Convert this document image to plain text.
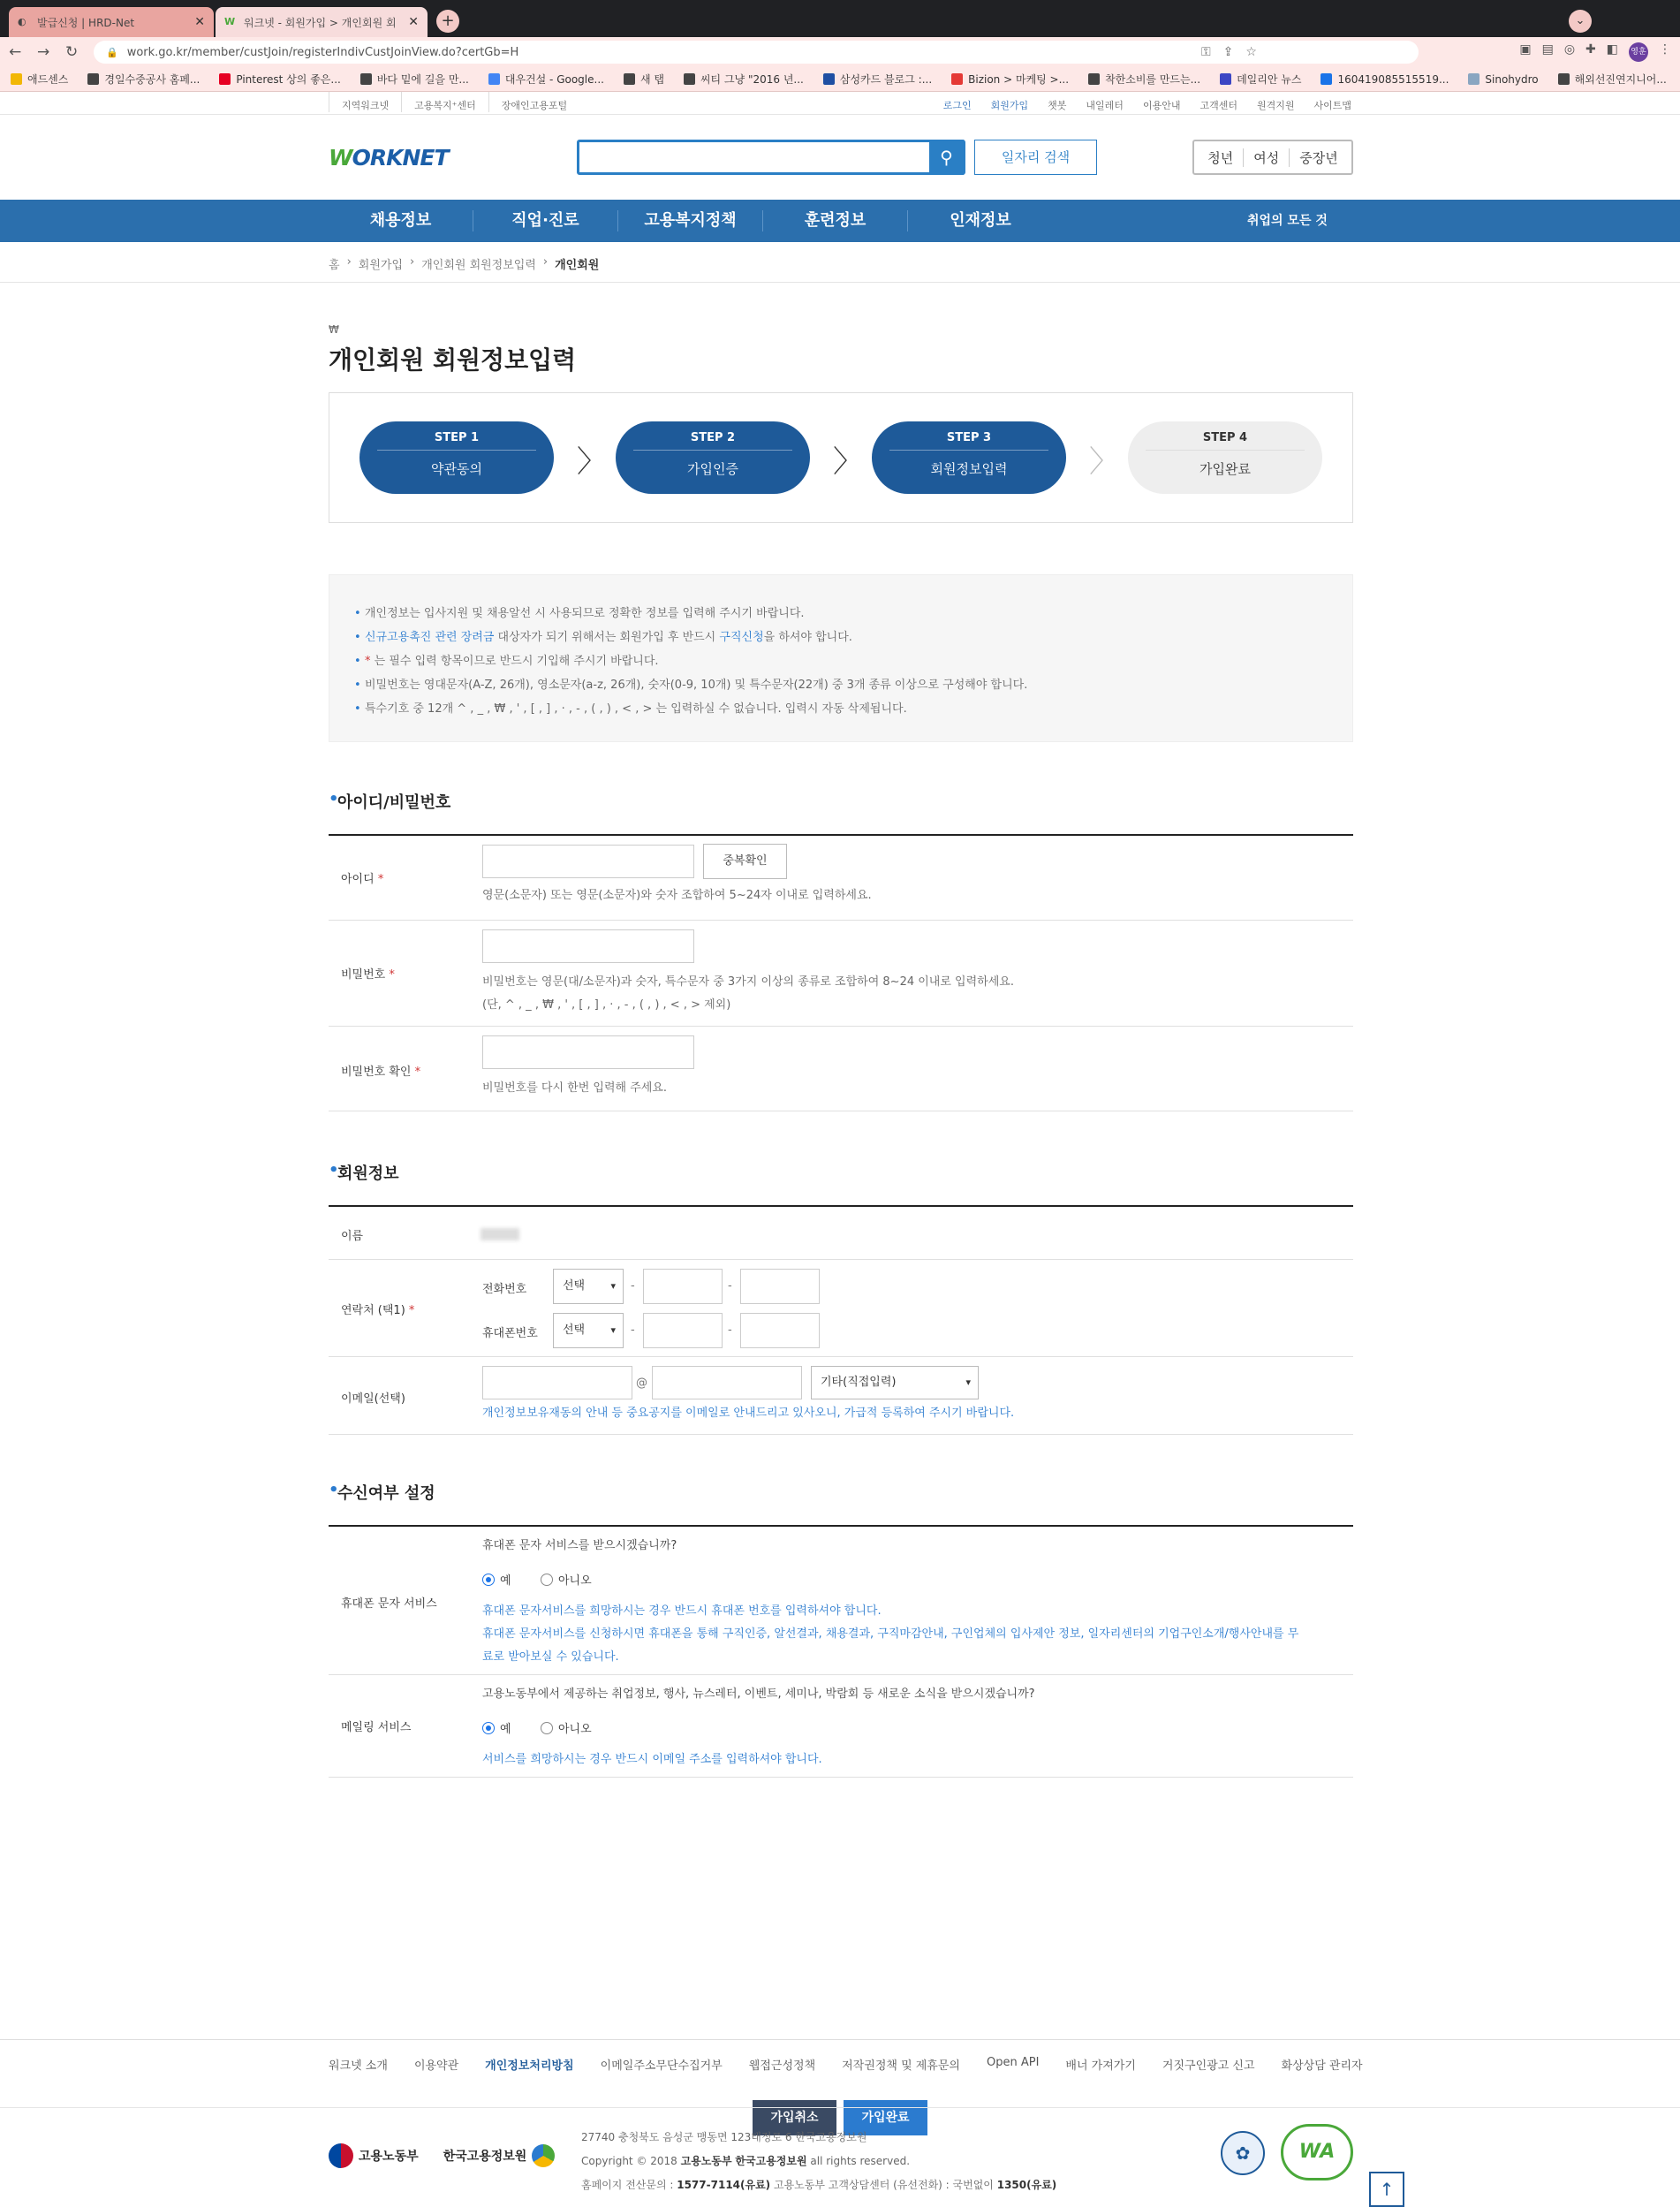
◐	발급신청 | HRD-Net	✕ W 워크넷 - 회원가입 > 개인회원 회 ✕	+	⌄
← → ↻	🔒 work.go.kr/member/custJoin/registerIndivCustJoinView.do?certGb=H	⚿ ⇪ ☆	▣ ▤ ◎ ✚ ◧ 영훈 ⋮
애드센스	경일수중공사 홈페...	Pinterest 상의 좋은...	바다 밑에 길을 만...	대우건설 - Google...	새 탭	씨티 그냥 "2016 년...	삼성카드 블로그 :...	Bizion > 마케팅 >...	착한소비를 만드는...	데일리안 뉴스	160419085515519...	Sinohydro	해외선진연지니어...
지역워크넷	고용복지⁺센터	장애인고용포털	로그인 회원가입 챗봇 내일레터 이용안내 고객센터 원격지원 사이트맵
WORKNET	⚲	일자리 검색	청년	여성	중장년
채용정보	직업·진로	고용복지정책	훈련정보	인재정보	취업의 모든 것
홈 › 회원가입 › 개인회원 회원정보입력 › 개인회원
₩
개인회원 회원정보입력
STEP 1
약관동의	〉
STEP 2
가입인증	〉
STEP 3
회원정보입력	〉
STEP 4
가입완료
• 개인정보는 입사지원 및 채용알선 시 사용되므로 정확한 정보를 입력해 주시기 바랍니다.
• 신규고용촉진 관련 장려금 대상자가 되기 위해서는 회원가입 후 반드시 구직신청을 하셔야 합니다.
• * 는 필수 입력 항목이므로 반드시 기입해 주시기 바랍니다.
• 비밀번호는 영대문자(A-Z, 26개), 영소문자(a-z, 26개), 숫자(0-9, 10개) 및 특수문자(22개) 중 3개 종류 이상으로 구성해야 합니다.
• 특수기호 중 12개 ^ , _ , ₩ , ' , [ , ] , · , - , ( , ) , < , > 는 입력하실 수 없습니다. 입력시 자동 삭제됩니다.
• 아이디/비밀번호
아이디 *
중복확인
영문(소문자) 또는 영문(소문자)와 숫자 조합하여 5~24자 이내로 입력하세요.
비밀번호 *
비밀번호는 영문(대/소문자)과 숫자, 특수문자 중 3가지 이상의 종류로 조합하여 8~24 이내로 입력하세요.
(단, ^ , _ , ₩ , ' , [ , ] , · , - , ( , ) , < , > 제외)
비밀번호 확인 *
비밀번호를 다시 한번 입력해 주세요.
• 회원정보
이름
연락처 (택1) *
전화번호	선택	▾ -	-
휴대폰번호	선택	▾ -	-
이메일(선택)
@	기타(직접입력)	▾
개인정보보유재동의 안내 등 중요공지를 이메일로 안내드리고 있사오니, 가급적 등록하여 주시기 바랍니다.
• 수신여부 설정
휴대폰 문자 서비스
휴대폰 문자 서비스를 받으시겠습니까?
예	아니오
휴대폰 문자서비스를 희망하시는 경우 반드시 휴대폰 번호를 입력하셔야 합니다.
휴대폰 문자서비스를 신청하시면 휴대폰을 통해 구직인증, 알선결과, 채용결과, 구직마감안내, 구인업체의 입사제안 정보, 일자리센터의 기업구인소개/행사안내를 무
료로 받아보실 수 있습니다.
메일링 서비스
고용노동부에서 제공하는 취업정보, 행사, 뉴스레터, 이벤트, 세미나, 박람회 등 새로운 소식을 받으시겠습니까?
예	아니오
서비스를 희망하시는 경우 반드시 이메일 주소를 입력하셔야 합니다.
가입취소	가입완료
워크넷 소개 이용약관 개인정보처리방침 이메일주소무단수집거부 웹접근성정책 저작권정책 및 제휴문의 Open API 배너 가져가기 거짓구인광고 신고 화상상담 관리자
고용노동부 한국고용정보원
27740 충청북도 음성군 맹동면 123태정로 6 한국고용정보원
Copyright © 2018 고용노동부 한국고용정보원 all rights reserved.
홈페이지 전산문의 : 1577-7114(유료) 고용노동부 고객상담센터 (유선전화) : 국번없이 1350(유료)
✿	WA
↑
